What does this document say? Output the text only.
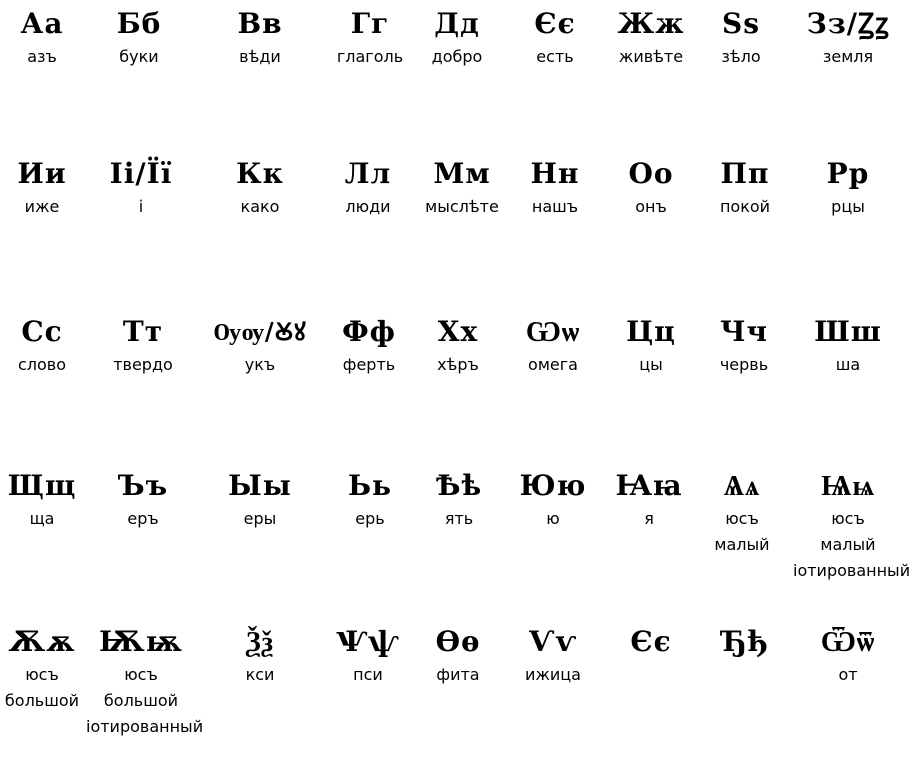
Аа
азъ
Бб
буки
Вв
вѣди
Гг
глаголь
Дд
добро
Єє
есть
Жж
живѣте
Ѕѕ
зѣло
Зз/Ꙁꙁ
земля
Ии
иже
Іі/Її
і
Кк
како
Лл
люди
Мм
мыслѣте
Нн
нашъ
Оо
онъ
Пп
покой
Рр
рцы
Сс
слово
Тт
твердо
Ѹѹ/Ꙋꙋ
укъ
Фф
ферть
Хх
хѣръ
Ѡѡ
омега
Цц
цы
Чч
червь
Шш
ша
Щщ
ща
Ъъ
еръ
Ыы
еры
Ьь
ерь
Ѣѣ
ять
Юю
ю
Ꙗꙗ
я
Ѧѧ
юсъ
малый
Ѩѩ
юсъ
малый
iотированный
Ѫѫ
юсъ
большой
Ѭѭ
юсъ
большой
iотированный
Ѯѯ
кси
Ѱѱ
пси
Ѳѳ
фита
Ѵѵ
ижица
Єє	Ђђ	Ѿѿ
от
